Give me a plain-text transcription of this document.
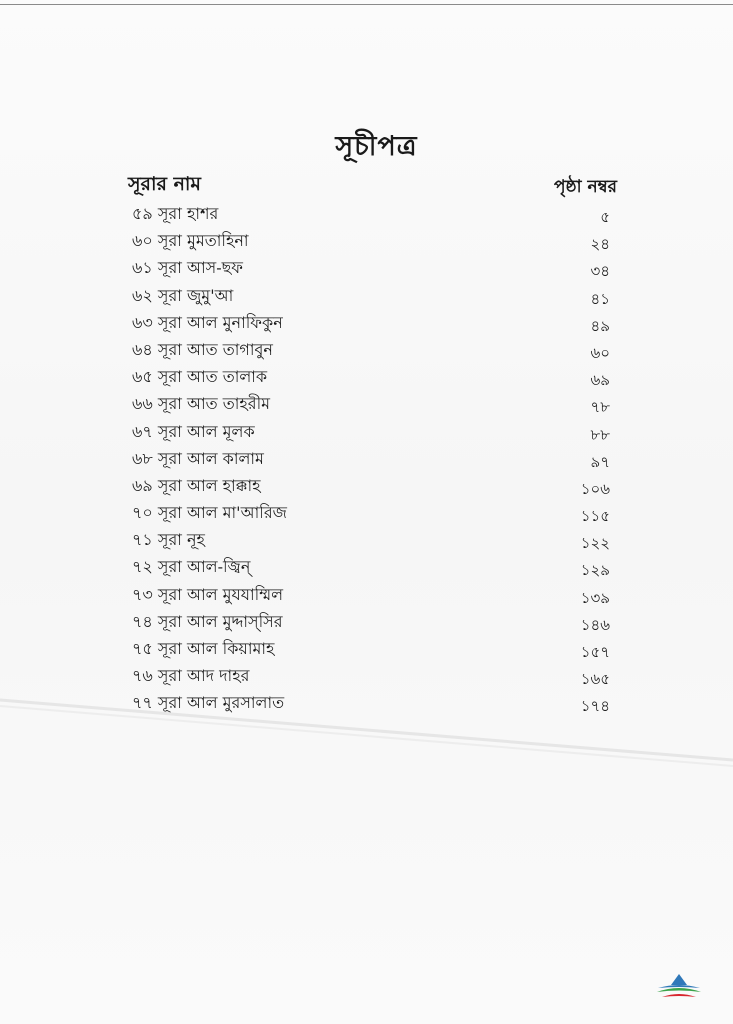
সূচীপত্র
সূরার নাম	পৃষ্ঠা নম্বর
৫৯ সূরা হাশর	৫
৬০ সূরা মুমতাহিনা	২৪
৬১ সূরা আস-ছফ	৩৪
৬২ সূরা জুমু'আ	৪১
৬৩ সূরা আল মুনাফিকুন	৪৯
৬৪ সূরা আত তাগাবুন	৬০
৬৫ সূরা আত তালাক	৬৯
৬৬ সূরা আত তাহরীম	৭৮
৬৭ সূরা আল মূলক	৮৮
৬৮ সূরা আল কালাম	৯৭
৬৯ সূরা আল হাক্কাহ	১০৬
৭০ সূরা আল মা'আরিজ	১১৫
৭১ সূরা নূহ	১২২
৭২ সূরা আল-জ্বিন্	১২৯
৭৩ সূরা আল মুযযাম্মিল	১৩৯
৭৪ সূরা আল মুদ্দাস্‌সির	১৪৬
৭৫ সূরা আল কিয়ামাহ	১৫৭
৭৬ সূরা আদ দাহর	১৬৫
৭৭ সূরা আল মুরসালাত	১৭৪
